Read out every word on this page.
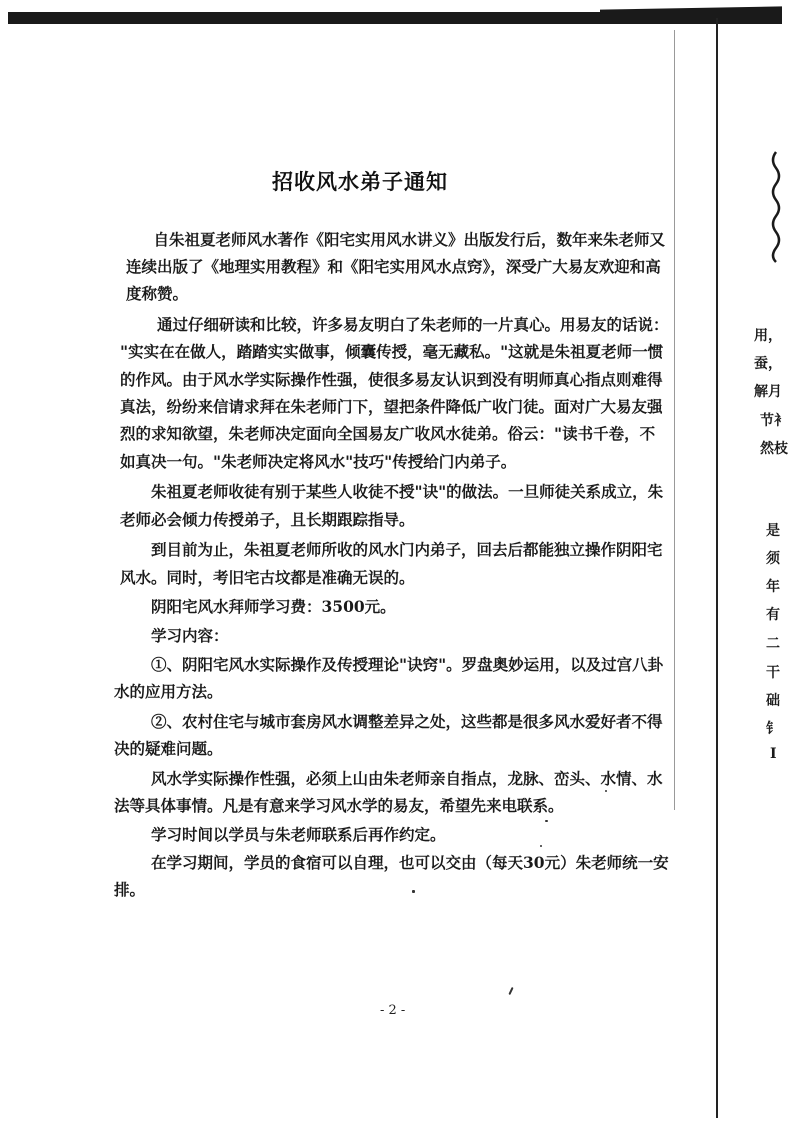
招收风水弟子通知
　自朱祖夏老师风水著作《阳宅实用风水讲义》出版发行后，数年来朱老师又
连续出版了《地理实用教程》和《阳宅实用风水点窍》，深受广大易友欢迎和高
度称赞。
　　通过仔细研读和比较，许多易友明白了朱老师的一片真心。用易友的话说：
"实实在在做人，踏踏实实做事，倾囊传授，毫无藏私。"这就是朱祖夏老师一惯
的作风。由于风水学实际操作性强，使很多易友认识到没有明师真心指点则难得
真法，纷纷来信请求拜在朱老师门下，望把条件降低广收门徒。面对广大易友强
烈的求知欲望，朱老师决定面向全国易友广收风水徒弟。俗云："读书千卷，不
如真决一句。"朱老师决定将风水"技巧"传授给门内弟子。
　　朱祖夏老师收徒有别于某些人收徒不授"诀"的做法。一旦师徒关系成立，朱
老师必会倾力传授弟子，且长期跟踪指导。
　　到目前为止，朱祖夏老师所收的风水门内弟子，回去后都能独立操作阴阳宅
风水。同时，考旧宅古坟都是准确无误的。
　　阴阳宅风水拜师学习费：3500元。
　　学习内容：
　　①、阴阳宅风水实际操作及传授理论"诀窍"。罗盘奥妙运用，以及过宫八卦
水的应用方法。
　　②、农村住宅与城市套房风水调整差异之处，这些都是很多风水爱好者不得
决的疑难问题。
　　风水学实际操作性强，必须上山由朱老师亲自指点，龙脉、峦头、水情、水
法等具体事情。凡是有意来学习风水学的易友，希望先来电联系。
　　学习时间以学员与朱老师联系后再作约定。
　　在学习期间，学员的食宿可以自理，也可以交由（每天30元）朱老师统一安
排。
- 2 -
用，
蚕，
解月
节衤
然枝
是
须
年
有
二
干
础
钅
I
